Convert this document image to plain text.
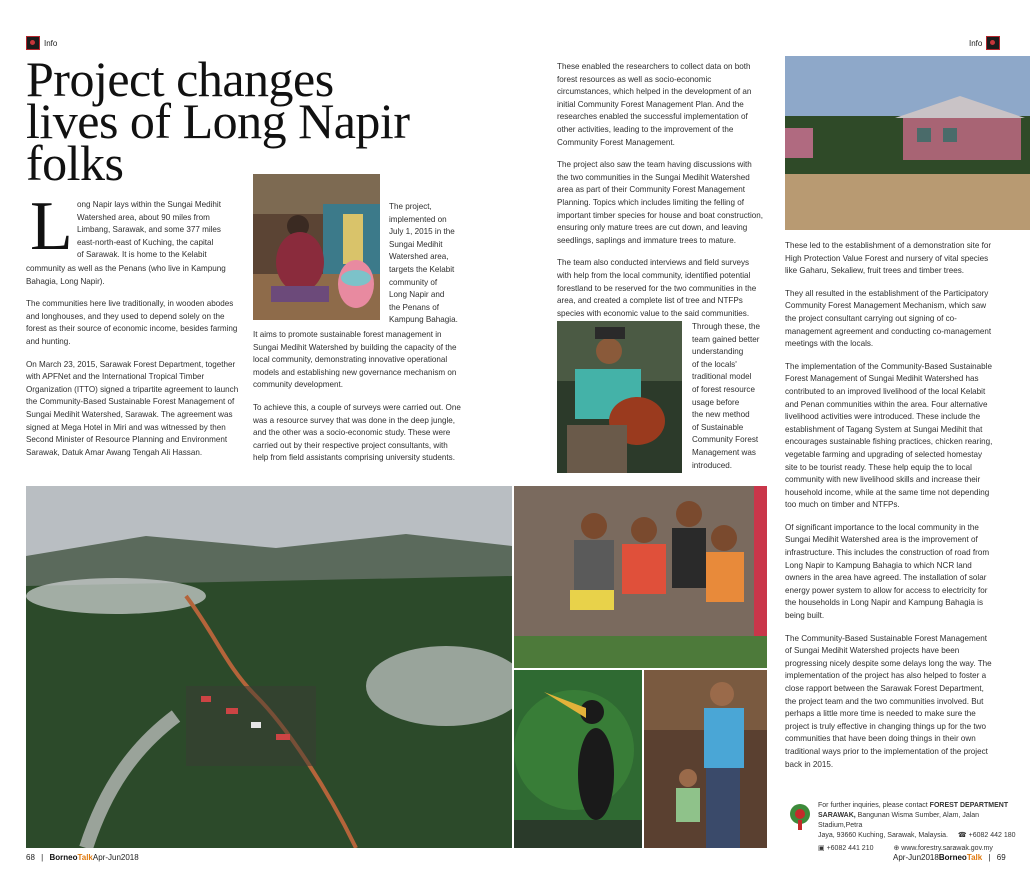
Info	Info
Project changes
lives of Long Napir
folks
L ong Napir lays within the Sungai Medihit
Watershed area, about 90 miles from
Limbang, Sarawak, and some 377 miles
east-north-east of Kuching, the capital
of Sarawak. It is home to the Kelabit

community as well as the Penans (who live in Kampung Bahagia, Long Napir).

The communities here live traditionally, in wooden abodes and longhouses, and they used to depend solely on the forest as their source of economic income, besides farming and hunting.

On March 23, 2015, Sarawak Forest Department, together with APFNet and the International Tropical Timber Organization (ITTO) signed a tripartite agreement to launch the Community-Based Sustainable Forest Management of Sungai Medihit Watershed, Sarawak. The agreement was signed at Mega Hotel in Miri and was witnessed by then Second Minister of Resource Planning and Environment Sarawak, Datuk Amar Awang Tengah Ali Hassan.

The project,
implemented on
July 1, 2015 in the
Sungai Medihit
Watershed area,
targets the Kelabit
community of
Long Napir and
the Penans of
Kampung Bahagia.

It aims to promote sustainable forest management in Sungai Medihit Watershed by building the capacity of the local community, demonstrating innovative operational models and establishing new governance mechanism on community development.

To achieve this, a couple of surveys were carried out. One was a resource survey that was done in the deep jungle, and the other was a socio-economic study. These were carried out by their respective project consultants, with help from field assistants comprising university students.

These enabled the researchers to collect data on both forest resources as well as socio-economic circumstances, which helped in the development of an initial Community Forest Management Plan. And the researches enabled the successful implementation of other activities, leading to the improvement of the Community Forest Management.

The project also saw the team having discussions with the two communities in the Sungai Medihit Watershed area as part of their Community Forest Management Planning. Topics which includes limiting the felling of important timber species for house and boat construction, ensuring only mature trees are cut down, and leaving seedlings, saplings and immature trees to mature.

The team also conducted interviews and field surveys with help from the local community, identified potential forestland to be reserved for the two communities in the area, and created a complete list of tree and NTFPs species with economic value to the said communities.

Through these, the
team gained better
understanding
of the locals'
traditional model
of forest resource
usage before
the new method
of Sustainable
Community Forest
Management was
introduced.

These led to the establishment of a demonstration site for High Protection Value Forest and nursery of vital species like Gaharu, Sekaliew, fruit trees and timber trees.

They all resulted in the establishment of the Participatory Community Forest Management Mechanism, which saw the project consultant carrying out signing of co-management agreement and conducting co-management meetings with the locals.

The implementation of the Community-Based Sustainable Forest Management of Sungai Medihit Watershed has contributed to an improved livelihood of the local Kelabit and Penan communities within the area. Four alternative livelihood activities were introduced. These include the establishment of Tagang System at Sungai Medihit that encourages sustainable fishing practices, chicken rearing, vegetable farming and upgrading of selected homestay site to be tourist ready. These help equip the to local community with new livelihood skills and increase their household income, while at the same time not depending too much on timber and NTFPs.

Of significant importance to the local community in the Sungai Medihit Watershed area is the improvement of infrastructure. This includes the construction of road from Long Napir to Kampung Bahagia to which NCR land owners in the area have agreed. The installation of solar energy power system to allow for access to electricity for the households in Long Napir and Kampung Bahagia is being built.

The Community-Based Sustainable Forest Management of Sungai Medihit Watershed projects have been progressing nicely despite some delays long the way. The implementation of the project has also helped to foster a close rapport between the Sarawak Forest Department, the project team and the two communities involved. But perhaps a little more time is needed to make sure the project is truly effective in changing things up for the two communities that have been doing things in their own traditional ways prior to the implementation of the project back in 2015.

For further inquiries, please contact FOREST DEPARTMENT
SARAWAK, Bangunan Wisma Sumber, Alam, Jalan Stadium,Petra
Jaya, 93660 Kuching, Sarawak, Malaysia. ☎ +6082 442 180
▣ +6082 441 210	⊕ www.forestry.sarawak.gov.my
68 | BorneoTalkApr-Jun2018	Apr-Jun2018BorneoTalk | 69
